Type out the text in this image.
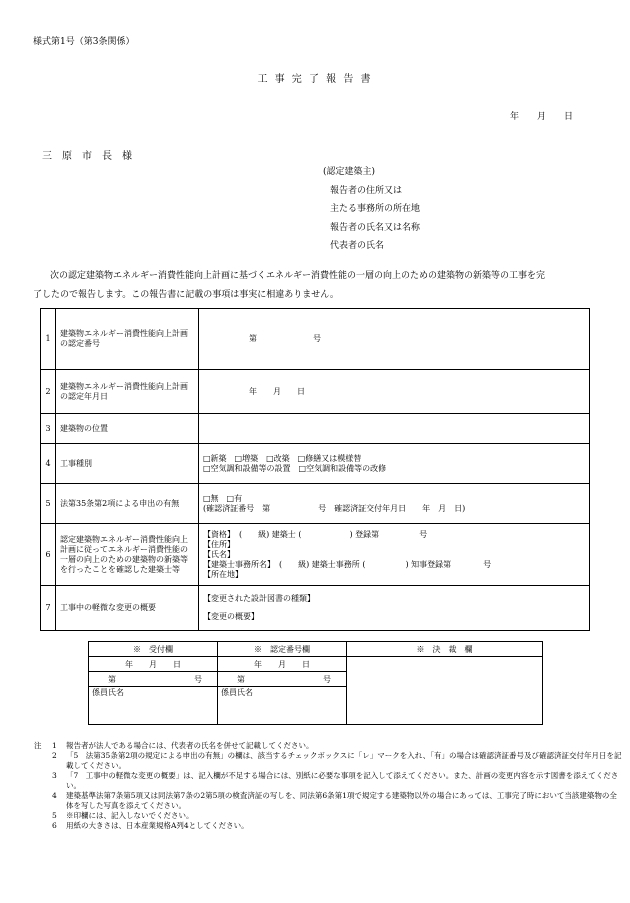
様式第1号（第3条関係）
工 事 完 了 報 告 書
年　　月　　日
三　原　市　長　様
(認定建築主)
報告者の住所又は
主たる事務所の所在地
報告者の氏名又は名称
代表者の氏名
次の認定建築物エネルギー消費性能向上計画に基づくエネルギー消費性能の一層の向上のための建築物の新築等の工事を完
了したので報告します。この報告書に記載の事項は事実に相違ありません。
1	建築物エネルギー消費性能向上計画の認定番号	第　　　　　　　号
2	建築物エネルギー消費性能向上計画の認定年月日	年　　月　　日
3	建築物の位置	
4	工事種別	□新築　□増築　□改築　□修繕又は模様替
□空気調和設備等の設置　□空気調和設備等の改修

5	法第35条第2項による申出の有無	□無　□有
(確認済証番号　第　　　　　　号　確認済証交付年月日　　年　月　日)

6	認定建築物エネルギー消費性能向上計画に従ってエネルギー消費性能の一層の向上のための建築物の新築等を行ったことを確認した建築士等	【資格】　(　　級) 建築士 (　　　　　　) 登録第　　　　　号
【住所】
【氏名】
【建築士事務所名】　(　　級) 建築士事務所 (　　　　　) 知事登録第　　　　号
【所在地】

7	工事中の軽微な変更の概要	【変更された設計図書の種類】
【変更の概要】
※　受付欄	※　認定番号欄	※　決　裁　欄
年　　月　　日	年　　月　　日	
第 号	第 号	

係員氏名	係員氏名	
注 1 報告者が法人である場合には、代表者の氏名を併せて記載してください。
2 「5　法第35条第2項の規定による申出の有無」の欄は、該当するチェックボックスに「レ」マークを入れ、「有」の場合は確認済証番号及び確認済証交付年月日を記載してください。
3 「7　工事中の軽微な変更の概要」は、記入欄が不足する場合には、別紙に必要な事項を記入して添えてください。また、計画の変更内容を示す図書を添えてください。
4 建築基準法第7条第5項又は同法第7条の2第5項の検査済証の写しを、同法第6条第1項で規定する建築物以外の場合にあっては、工事完了時において当該建築物の全体を写した写真を添えてください。
5 ※印欄には、記入しないでください。
6 用紙の大きさは、日本産業規格A列4としてください。
